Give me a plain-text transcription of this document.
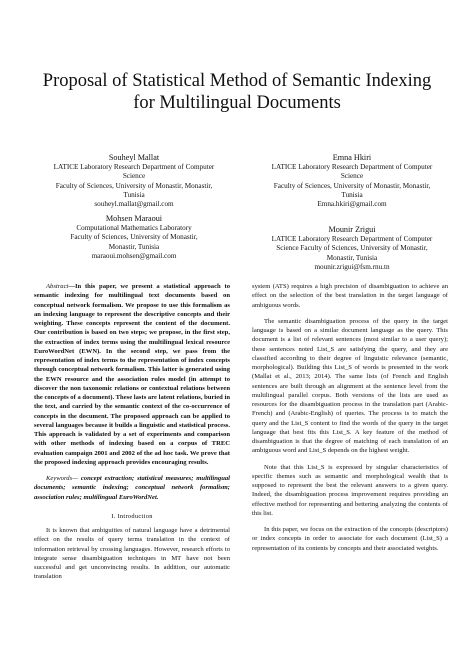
Proposal of Statistical Method of Semantic Indexing
for Multilingual Documents
Souheyl Mallat
LATICE Laboratory Research Department of Computer
Science
Faculty of Sciences, University of Monastir, Monastir,
Tunisia
souheyl.mallat@gmail.com
Emna Hkiri
LATICE Laboratory Research Department of Computer
Science
Faculty of Sciences, University of Monastir, Monastir,
Tunisia
Emna.hkiri@gmail.com
Mohsen Maraoui
Computational Mathematics Laboratory
Faculty of Sciences, University of Monastir,
Monastir, Tunisia
maraoui.mohsen@gmail.com
Mounir Zrigui
LATICE Laboratory Research Department of Computer
Science Faculty of Sciences, University of Monastir,
Monastir, Tunisia
mounir.zrigui@fsm.rnu.tn

Abstract—In this paper, we present a statistical approach to semantic indexing for multilingual text documents based on conceptual network formalism. We propose to use this formalism as an indexing language to represent the descriptive concepts and their weighting. These concepts represent the content of the document. Our contribution is based on two steps; we propose, in the first step, the extraction of index terms using the multilingual lexical resource EuroWordNet (EWN). In the second step, we pass from the representation of index terms to the representation of index concepts through conceptual network formalism. This latter is generated using the EWN resource and the association rules model (in attempt to discover the non taxonomic relations or contextual relations between the concepts of a document). These lasts are latent relations, buried in the text, and carried by the semantic context of the co-occurrence of concepts in the document. The proposed approach can be applied to several languages because it builds a linguistic and statistical process. This approach is validated by a set of experiments and comparison with other methods of indexing based on a corpus of TREC evaluation campaign 2001 and 2002 of the ad hoc task. We prove that the proposed indexing approach provides encouraging results.

Keywords— concept extraction; statistical measures; multilingual documents; semantic indexing; conceptual network formalism; association rules; multilingual EuroWordNet.

I. Introduction

It is known that ambiguities of natural language have a detrimental effect on the results of query terms translation in the context of information retrieval by crossing languages. However, research efforts to integrate sense disambiguation techniques in MT have not been successful and get unconvincing results. In addition, our automatic translation

system (ATS) requires a high precision of disambiguation to achieve an effect on the selection of the best translation in the target language of ambiguous words.

The semantic disambiguation process of the query in the target language is based on a similar document language as the query. This document is a list of relevant sentences (most similar to a user query); these sentences noted List_S are satisfying the query, and they are classified according to their degree of linguistic relevance (semantic, morphological). Building this List_S of words is presented in the work (Mallat et al., 2013; 2014). The same lists (of French and English sentences are built through an alignment at the sentence level from the multilingual parallel corpus. Both versions of the lists are used as resources for the disambiguation process in the translation part (Arabic-French) and (Arabic-English) of queries. The process is to match the query and the List_S content to find the words of the query in the target language that best fits this List_S. A key feature of the method of disambiguation is that the degree of matching of each translation of an ambiguous word and List_S depends on the highest weight.

Note that this List_S is expressed by singular characteristics of specific themes such as semantic and morphological wealth that is supposed to represent the best the relevant answers to a given query. Indeed, the disambiguation process improvement requires providing an effective method for representing and bettering analyzing the contents of this list.

In this paper, we focus on the extraction of the concepts (descriptors) or index concepts in order to associate for each document (List_S) a representation of its contents by concepts and their associated weights.
